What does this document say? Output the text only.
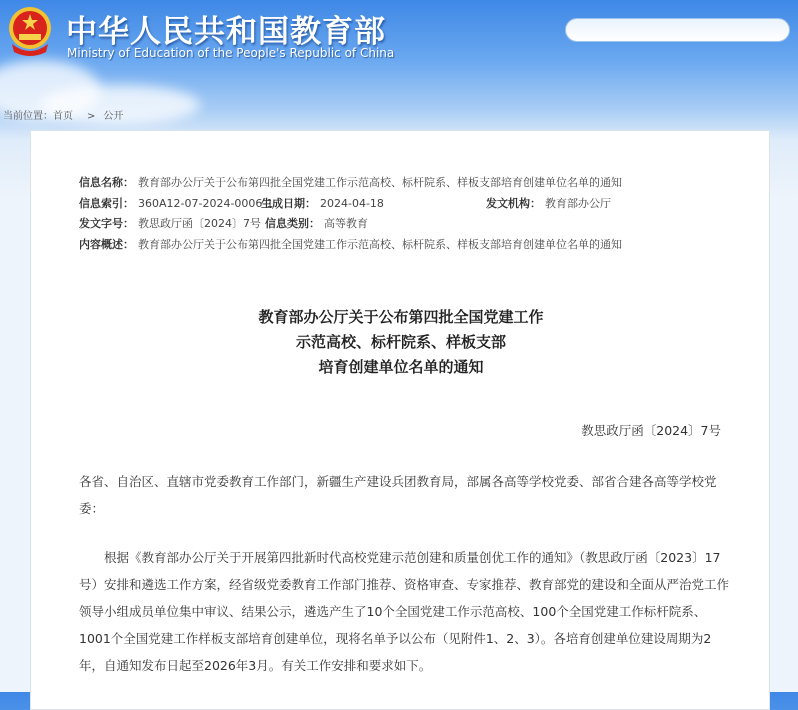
中华人民共和国教育部
Ministry of Education of the People's Republic of China
当前位置：首页 > 公开
信息名称： 教育部办公厅关于公布第四批全国党建工作示范高校、标杆院系、样板支部培育创建单位名单的通知
信息索引： 360A12-07-2024-0006-1
生成日期： 2024-04-18	发文机构： 教育部办公厅
发文字号： 教思政厅函〔2024〕7号 信息类别： 高等教育
内容概述： 教育部办公厅关于公布第四批全国党建工作示范高校、标杆院系、样板支部培育创建单位名单的通知
教育部办公厅关于公布第四批全国党建工作
示范高校、标杆院系、样板支部
培育创建单位名单的通知
教思政厅函〔2024〕7号
各省、自治区、直辖市党委教育工作部门，新疆生产建设兵团教育局，部属各高等学校党委、部省合建各高等学校党委：
根据《教育部办公厅关于开展第四批新时代高校党建示范创建和质量创优工作的通知》（教思政厅函〔2023〕17号）安排和遴选工作方案，经省级党委教育工作部门推荐、资格审查、专家推荐、教育部党的建设和全面从严治党工作领导小组成员单位集中审议、结果公示，遴选产生了10个全国党建工作示范高校、100个全国党建工作标杆院系、1001个全国党建工作样板支部培育创建单位，现将名单予以公布（见附件1、2、3）。各培育创建单位建设周期为2年，自通知发布日起至2026年3月。有关工作安排和要求如下。
